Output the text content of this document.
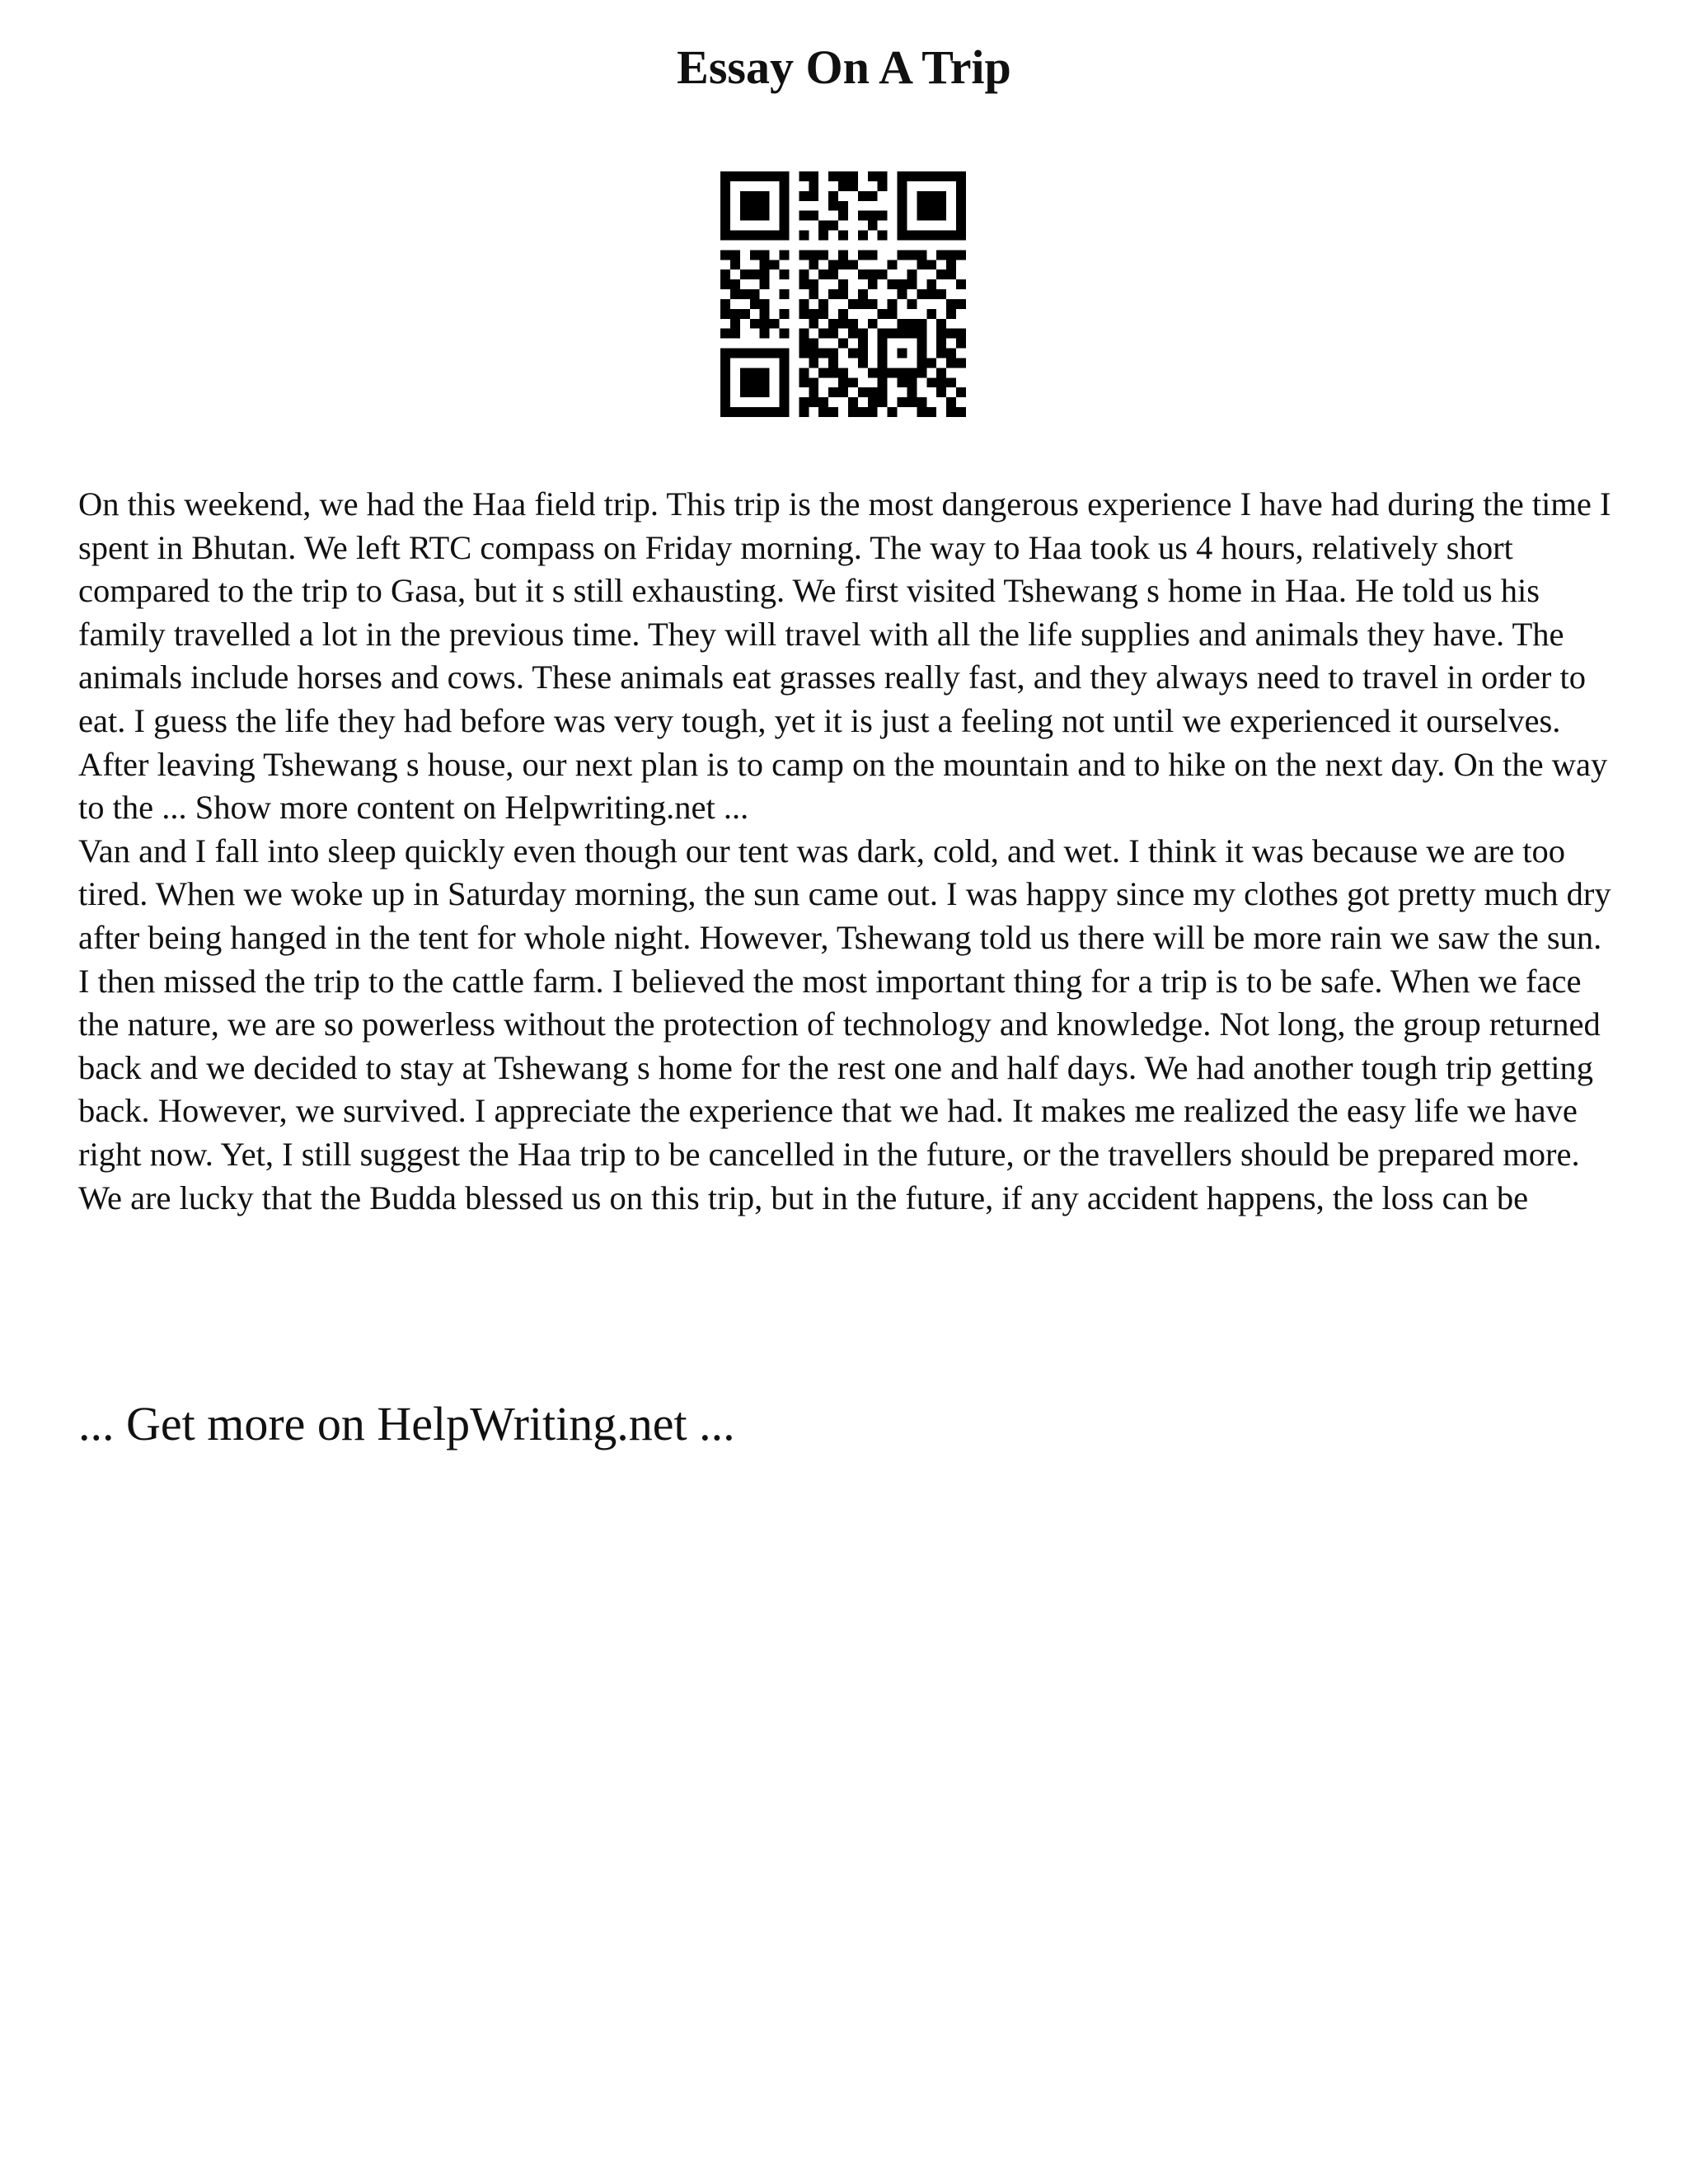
Essay On A Trip

On this weekend, we had the Haa field trip. This trip is the most dangerous experience I have had during the time I spent in Bhutan. We left RTC compass on Friday morning. The way to Haa took us 4 hours, relatively short compared to the trip to Gasa, but it s still exhausting. We first visited Tshewang s home in Haa. He told us his family travelled a lot in the previous time. They will travel with all the life supplies and animals they have. The animals include horses and cows. These animals eat grasses really fast, and they always need to travel in order to eat. I guess the life they had before was very tough, yet it is just a feeling not until we experienced it ourselves. After leaving Tshewang s house, our next plan is to camp on the mountain and to hike on the next day. On the way to the ... Show more content on Helpwriting.net ...

Van and I fall into sleep quickly even though our tent was dark, cold, and wet. I think it was because we are too tired. When we woke up in Saturday morning, the sun came out. I was happy since my clothes got pretty much dry after being hanged in the tent for whole night. However, Tshewang told us there will be more rain we saw the sun. I then missed the trip to the cattle farm. I believed the most important thing for a trip is to be safe. When we face the nature, we are so powerless without the protection of technology and knowledge. Not long, the group returned back and we decided to stay at Tshewang s home for the rest one and half days. We had another tough trip getting back. However, we survived. I appreciate the experience that we had. It makes me realized the easy life we have right now. Yet, I still suggest the Haa trip to be cancelled in the future, or the travellers should be prepared more. We are lucky that the Budda blessed us on this trip, but in the future, if any accident happens, the loss can be

... Get more on HelpWriting.net ...
